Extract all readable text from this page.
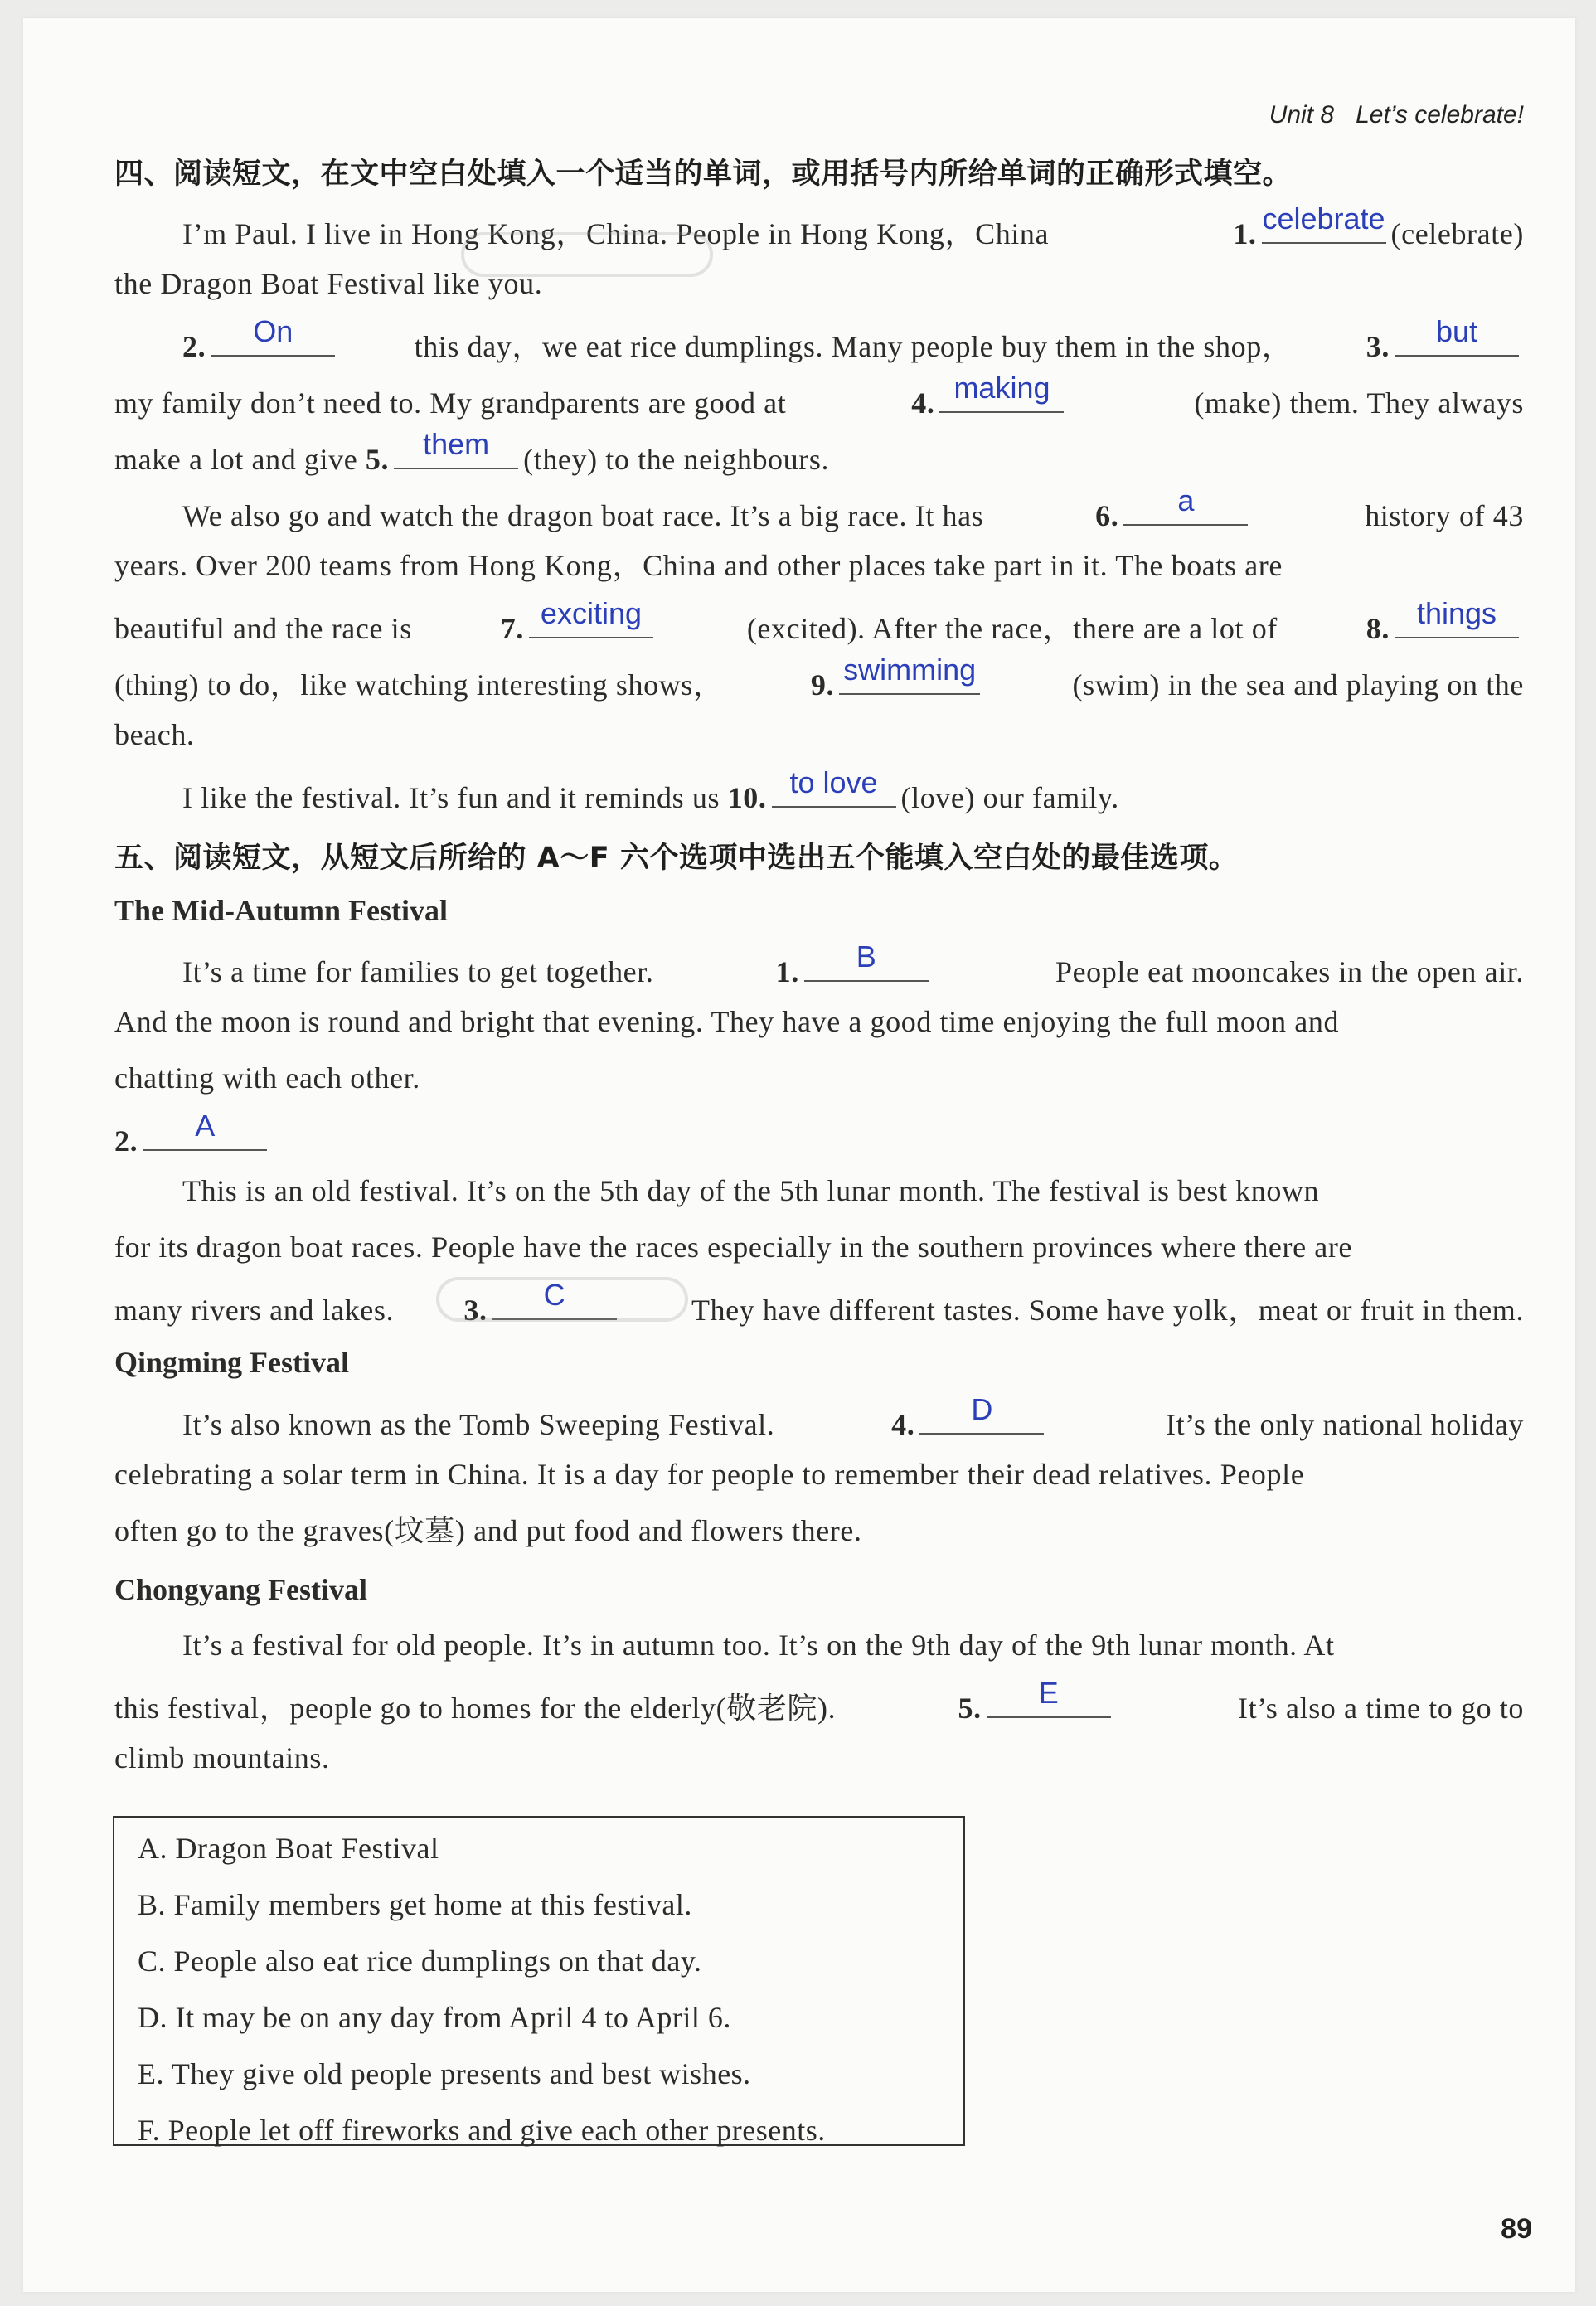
Unit 8 Let’s celebrate!
四、阅读短文，在文中空白处填入一个适当的单词，或用括号内所给单词的正确形式填空。
I’m Paul. I live in Hong Kong，China. People in Hong Kong，China	1. celebrate (celebrate)
the Dragon Boat Festival like you.
2.	On	this day，we eat rice dumplings. Many people buy them in the shop， 3.	but
my family don’t need to. My grandparents are good at	4. making	(make) them. They always
make a lot and give
5.	them	(they) to the neighbours.
We also go and watch the dragon boat race. It’s a big race. It has	6.	a	history of 43
years. Over 200 teams from Hong Kong，China and other places take part in it. The boats are
beautiful and the race is	7. exciting	(excited). After the race，there are a lot of	8. things
(thing) to do，like watching interesting shows，	9. swimming	(swim) in the sea and playing on the
beach.
I like the festival. It’s fun and it reminds us
10. to love (love) our family.
五、阅读短文，从短文后所给的 A～F 六个选项中选出五个能填入空白处的最佳选项。
The Mid-Autumn Festival
It’s a time for families to get together.	1.	B	People eat mooncakes in the open air.
And the moon is round and bright that evening. They have a good time enjoying the full moon and
chatting with each other.
2.	A
This is an old festival. It’s on the 5th day of the 5th lunar month. The festival is best known
for its dragon boat races. People have the races especially in the southern provinces where there are
many rivers and lakes. 3.	C	They have different tastes. Some have yolk，meat or fruit in them.
Qingming Festival
It’s also known as the Tomb Sweeping Festival.	4.	D	It’s the only national holiday
celebrating a solar term in China. It is a day for people to remember their dead relatives. People
often go to the graves(坟墓) and put food and flowers there.
Chongyang Festival
It’s a festival for old people. It’s in autumn too. It’s on the 9th day of the 9th lunar month. At
this festival，people go to homes for the elderly(敬老院).	5.	E	It’s also a time to go to
climb mountains.
A. Dragon Boat Festival
B. Family members get home at this festival.
C. People also eat rice dumplings on that day.
D. It may be on any day from April 4 to April 6.
E. They give old people presents and best wishes.
F. People let off fireworks and give each other presents.
89
